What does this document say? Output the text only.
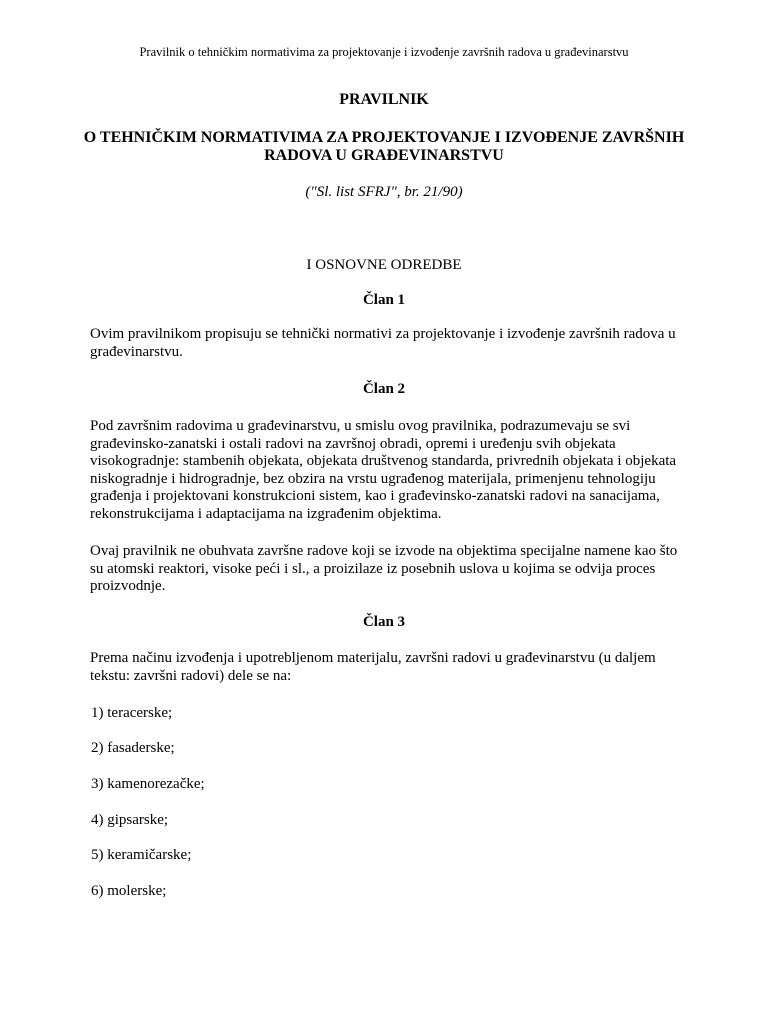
Pravilnik o tehničkim normativima za projektovanje i izvođenje završnih radova u građevinarstvu
PRAVILNIK
O TEHNIČKIM NORMATIVIMA ZA PROJEKTOVANJE I IZVOĐENJE ZAVRŠNIH RADOVA U GRAĐEVINARSTVU
("Sl. list SFRJ", br. 21/90)
I OSNOVNE ODREDBE
Član 1

Ovim pravilnikom propisuju se tehnički normativi za projektovanje i izvođenje završnih radova u građevinarstvu.

Član 2

Pod završnim radovima u građevinarstvu, u smislu ovog pravilnika, podrazumevaju se svi građevinsko-zanatski i ostali radovi na završnoj obradi, opremi i uređenju svih objekata visokogradnje: stambenih objekata, objekata društvenog standarda, privrednih objekata i objekata niskogradnje i hidrogradnje, bez obzira na vrstu ugrađenog materijala, primenjenu tehnologiju građenja i projektovani konstrukcioni sistem, kao i građevinsko-zanatski radovi na sanacijama, rekonstrukcijama i adaptacijama na izgrađenim objektima.

Ovaj pravilnik ne obuhvata završne radove koji se izvode na objektima specijalne namene kao što su atomski reaktori, visoke peći i sl., a proizilaze iz posebnih uslova u kojima se odvija proces proizvodnje.

Član 3

Prema načinu izvođenja i upotrebljenom materijalu, završni radovi u građevinarstvu (u daljem tekstu: završni radovi) dele se na:

1) teracerske;
2) fasaderske;
3) kamenorezačke;
4) gipsarske;
5) keramičarske;
6) molerske;
